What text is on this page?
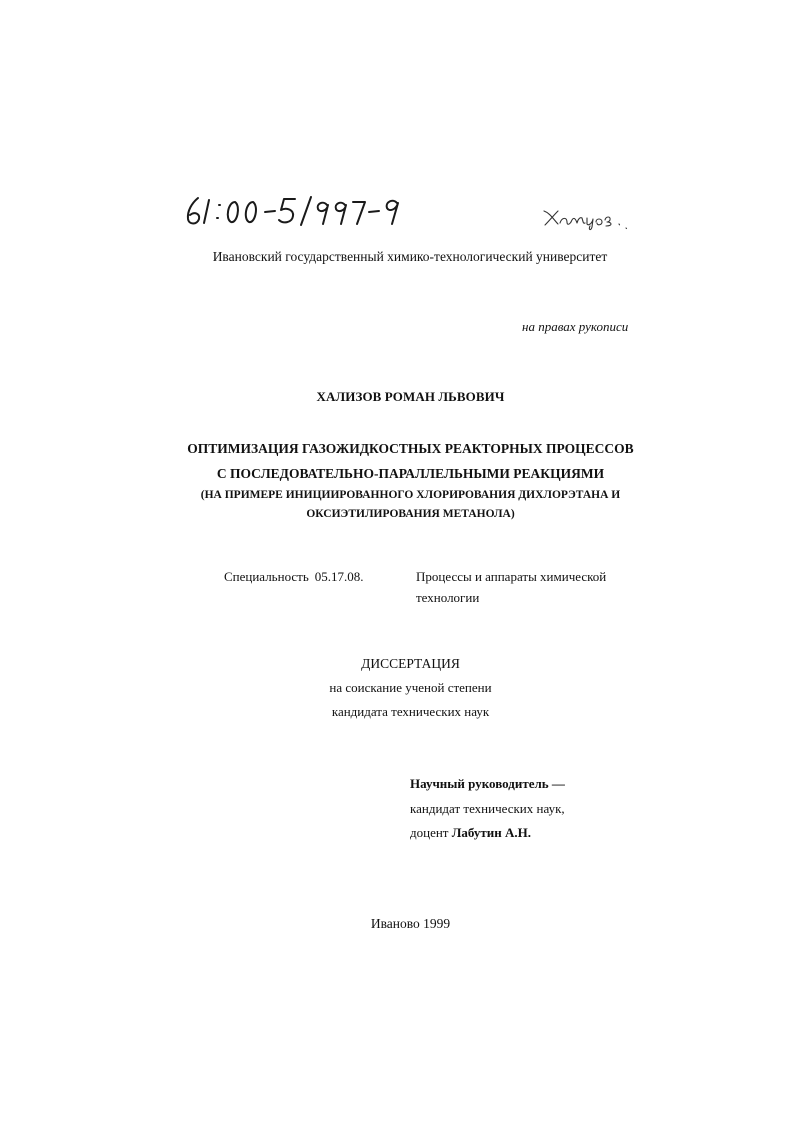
Ивановский государственный химико-технологический университет
на правах рукописи
ХАЛИЗОВ РОМАН ЛЬВОВИЧ
ОПТИМИЗАЦИЯ ГАЗОЖИДКОСТНЫХ РЕАКТОРНЫХ ПРОЦЕССОВ
С ПОСЛЕДОВАТЕЛЬНО-ПАРАЛЛЕЛЬНЫМИ РЕАКЦИЯМИ
(НА ПРИМЕРЕ ИНИЦИИРОВАННОГО ХЛОРИРОВАНИЯ ДИХЛОРЭТАНА И
ОКСИЭТИЛИРОВАНИЯ МЕТАНОЛА)
Специальность 05.17.08.	Процессы и аппараты химической
технологии
ДИССЕРТАЦИЯ
на соискание ученой степени
кандидата технических наук
Научный руководитель —
кандидат технических наук,
доцент Лабутин А.Н.
Иваново 1999
